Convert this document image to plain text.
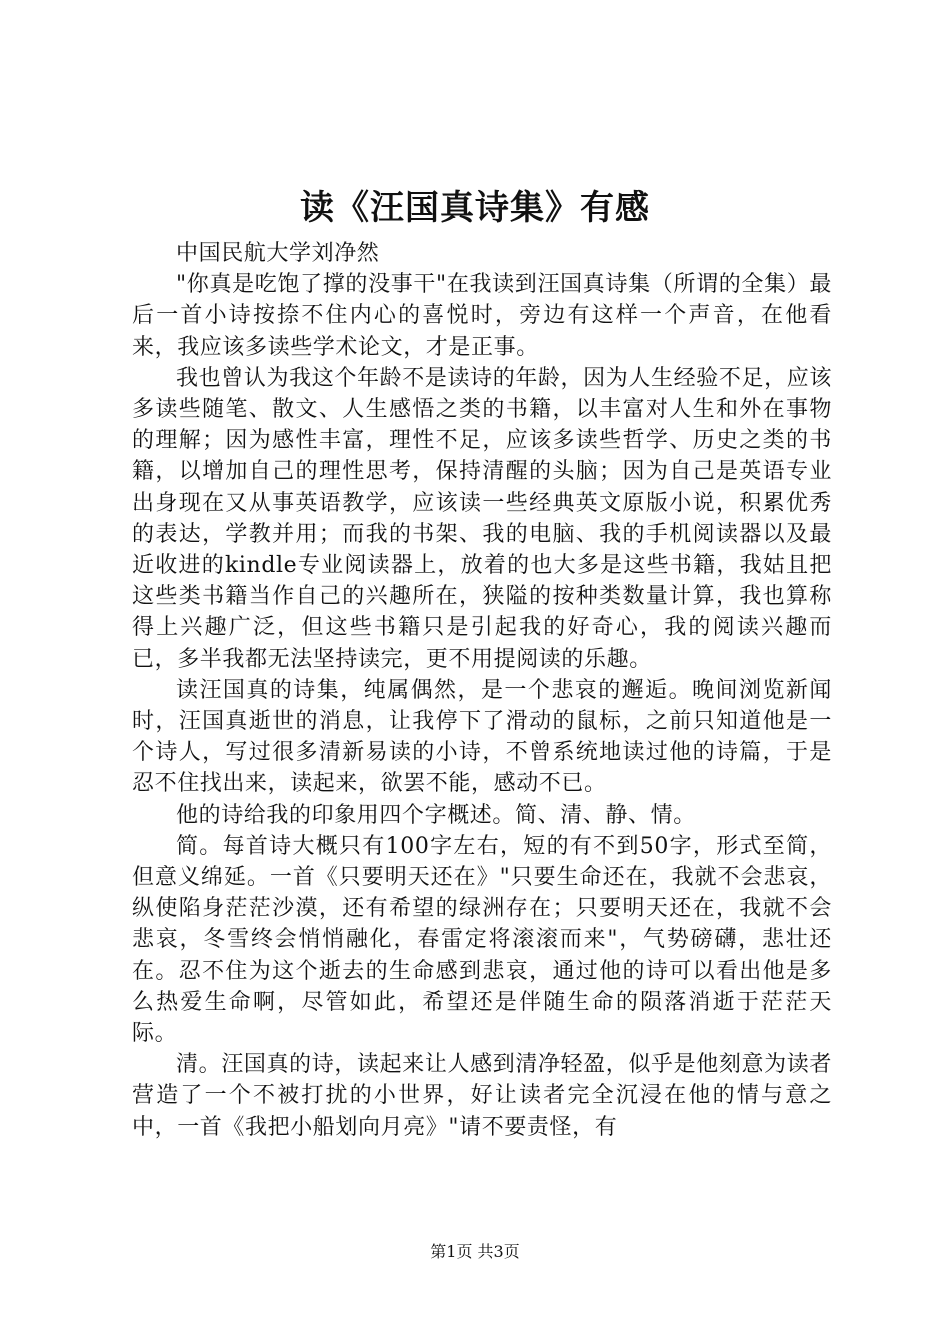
读《汪国真诗集》有感

中国民航大学刘净然

"你真是吃饱了撑的没事干"在我读到汪国真诗集（所谓的全集）最后一首小诗按捺不住内心的喜悦时，旁边有这样一个声音，在他看来，我应该多读些学术论文，才是正事。

我也曾认为我这个年龄不是读诗的年龄，因为人生经验不足，应该多读些随笔、散文、人生感悟之类的书籍，以丰富对人生和外在事物的理解；因为感性丰富，理性不足，应该多读些哲学、历史之类的书籍，以增加自己的理性思考，保持清醒的头脑；因为自己是英语专业出身现在又从事英语教学，应该读一些经典英文原版小说，积累优秀的表达，学教并用；而我的书架、我的电脑、我的手机阅读器以及最近收进的kindle专业阅读器上，放着的也大多是这些书籍，我姑且把这些类书籍当作自己的兴趣所在，狭隘的按种类数量计算，我也算称得上兴趣广泛，但这些书籍只是引起我的好奇心，我的阅读兴趣而已，多半我都无法坚持读完，更不用提阅读的乐趣。

读汪国真的诗集，纯属偶然，是一个悲哀的邂逅。晚间浏览新闻时，汪国真逝世的消息，让我停下了滑动的鼠标，之前只知道他是一个诗人，写过很多清新易读的小诗，不曾系统地读过他的诗篇，于是忍不住找出来，读起来，欲罢不能，感动不已。

他的诗给我的印象用四个字概述。简、清、静、情。

简。每首诗大概只有100字左右，短的有不到50字，形式至简，但意义绵延。一首《只要明天还在》"只要生命还在，我就不会悲哀，纵使陷身茫茫沙漠，还有希望的绿洲存在；只要明天还在，我就不会悲哀，冬雪终会悄悄融化，春雷定将滚滚而来"，气势磅礴，悲壮还在。忍不住为这个逝去的生命感到悲哀，通过他的诗可以看出他是多么热爱生命啊，尽管如此，希望还是伴随生命的陨落消逝于茫茫天际。

清。汪国真的诗，读起来让人感到清净轻盈，似乎是他刻意为读者营造了一个不被打扰的小世界，好让读者完全沉浸在他的情与意之中，一首《我把小船划向月亮》"请不要责怪，有

第1页 共3页
